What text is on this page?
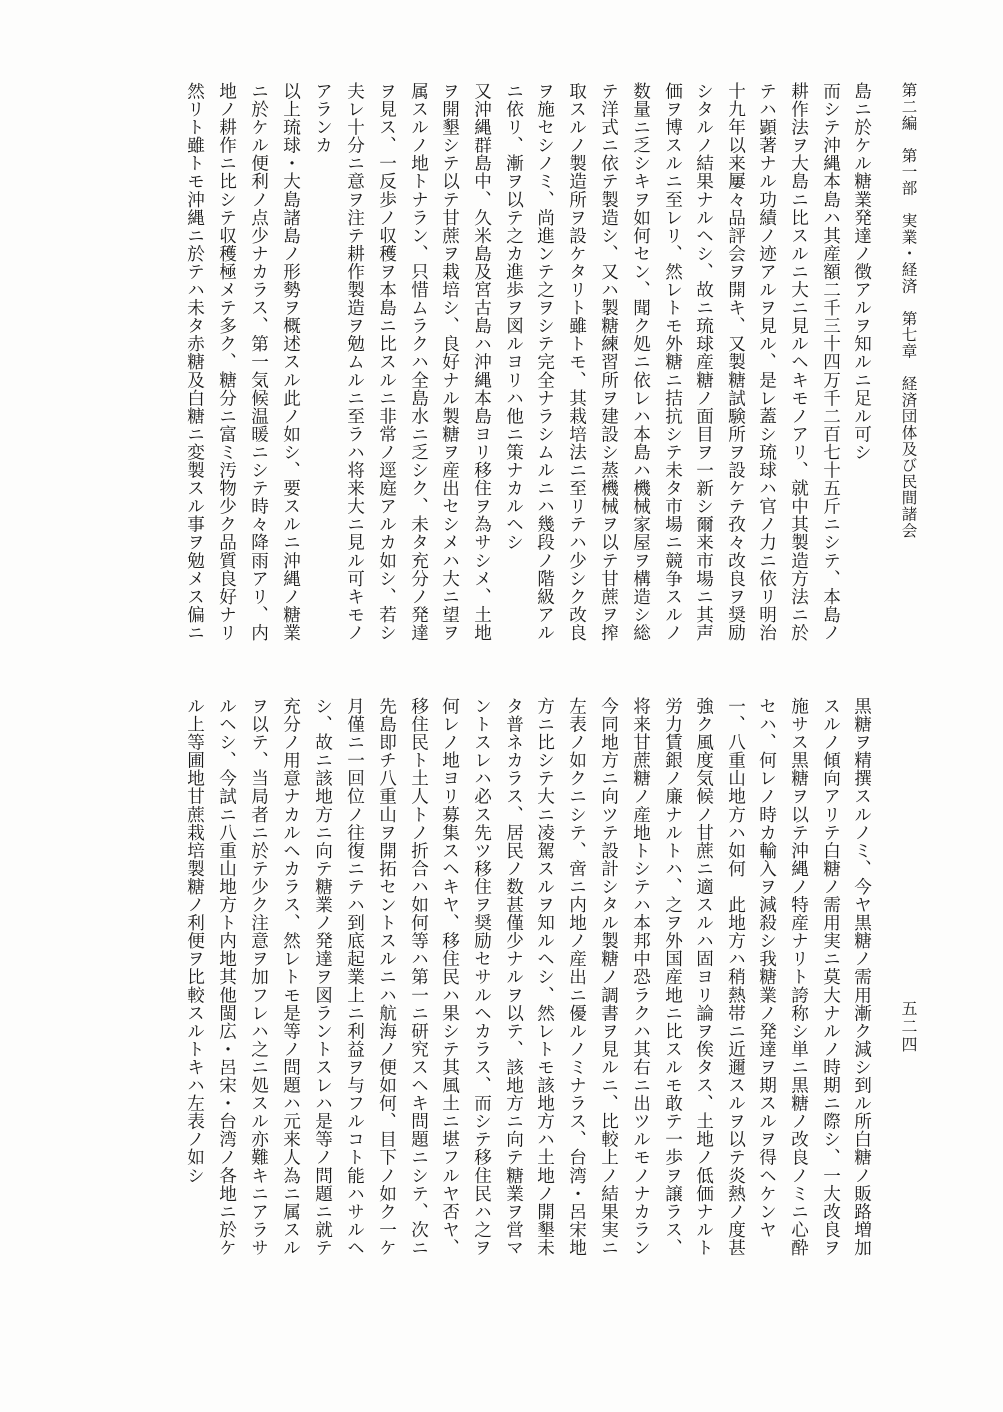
第二編　第一部　実業・経済　第七章　経済団体及び民間諸会
五二四
島ニ於ケル糖業発達ノ徴アルヲ知ルニ足ル可シ
而シテ沖縄本島ハ其産額二千三十四万千二百七十五斤ニシテ、本島ノ
耕作法ヲ大島ニ比スルニ大ニ見ルヘキモノアリ、就中其製造方法ニ於
テハ顕著ナル功績ノ迹アルヲ見ル、是レ蓋シ琉球ハ官ノ力ニ依リ明治
十九年以来屢々品評会ヲ開キ、又製糖試験所ヲ設ケテ孜々改良ヲ奨励
シタルノ結果ナルヘシ、故ニ琉球産糖ノ面目ヲ一新シ爾来市場ニ其声
価ヲ博スルニ至レリ、然レトモ外糖ニ拮抗シテ未タ市場ニ競争スルノ
数量ニ乏シキヲ如何セン、聞ク処ニ依レハ本島ハ機械家屋ヲ構造シ総
テ洋式ニ依テ製造シ、又ハ製糖練習所ヲ建設シ蒸機械ヲ以テ甘蔗ヲ搾
取スルノ製造所ヲ設ケタリト雖トモ、其栽培法ニ至リテハ少シク改良
ヲ施セシノミ、尚進ンテ之ヲシテ完全ナラシムルニハ幾段ノ階級アル
ニ依リ、漸ヲ以テ之カ進歩ヲ図ルヨリハ他ニ策ナカルヘシ
又沖縄群島中、久米島及宮古島ハ沖縄本島ヨリ移住ヲ為サシメ、土地
ヲ開墾シテ以テ甘蔗ヲ栽培シ、良好ナル製糖ヲ産出セシメハ大ニ望ヲ
属スルノ地トナラン、只惜ムラクハ全島水ニ乏シク、未タ充分ノ発達
ヲ見ス、一反歩ノ収穫ヲ本島ニ比スルニ非常ノ逕庭アルカ如シ、若シ
夫レ十分ニ意ヲ注テ耕作製造ヲ勉ムルニ至ラハ将来大ニ見ル可キモノ
アランカ
以上琉球・大島諸島ノ形勢ヲ概述スル此ノ如シ、要スルニ沖縄ノ糖業
ニ於ケル便利ノ点少ナカラス、第一気候温暖ニシテ時々降雨アリ、内
地ノ耕作ニ比シテ収穫極メテ多ク、糖分ニ富ミ汚物少ク品質良好ナリ
然リト雖トモ沖縄ニ於テハ未タ赤糖及白糖ニ変製スル事ヲ勉メス偏ニ
黒糖ヲ精撰スルノミ、今ヤ黒糖ノ需用漸ク減シ到ル所白糖ノ販路増加
スルノ傾向アリテ白糖ノ需用実ニ莫大ナルノ時期ニ際シ、一大改良ヲ
施サス黒糖ヲ以テ沖縄ノ特産ナリト誇称シ単ニ黒糖ノ改良ノミニ心酔
セハ、何レノ時カ輸入ヲ減殺シ我糖業ノ発達ヲ期スルヲ得ヘケンヤ
一、八重山地方ハ如何　此地方ハ稍熱帯ニ近邇スルヲ以テ炎熱ノ度甚
強ク風度気候ノ甘蔗ニ適スルハ固ヨリ論ヲ俟タス、土地ノ低価ナルト
労力賃銀ノ廉ナルトハ、之ヲ外国産地ニ比スルモ敢テ一歩ヲ譲ラス、
将来甘蔗糖ノ産地トシテハ本邦中恐ラクハ其右ニ出ツルモノナカラン
今同地方ニ向ツテ設計シタル製糖ノ調書ヲ見ルニ、比較上ノ結果実ニ
左表ノ如クニシテ、啻ニ内地ノ産出ニ優ルノミナラス、台湾・呂宋地
方ニ比シテ大ニ凌駕スルヲ知ルヘシ、然レトモ該地方ハ土地ノ開墾未
タ普ネカラス、居民ノ数甚僅少ナルヲ以テ、該地方ニ向テ糖業ヲ営マ
ントスレハ必ス先ツ移住ヲ奨励セサルヘカラス、而シテ移住民ハ之ヲ
何レノ地ヨリ募集スヘキヤ、移住民ハ果シテ其風土ニ堪フルヤ否ヤ、
移住民ト土人トノ折合ハ如何等ハ第一ニ研究スヘキ問題ニシテ、次ニ
先島即チ八重山ヲ開拓セントスルニハ航海ノ便如何、目下ノ如ク一ケ
月僅ニ一回位ノ往復ニテハ到底起業上ニ利益ヲ与フルコト能ハサルヘ
シ、故ニ該地方ニ向テ糖業ノ発達ヲ図ラントスレハ是等ノ問題ニ就テ
充分ノ用意ナカルヘカラス、然レトモ是等ノ問題ハ元来人為ニ属スル
ヲ以テ、当局者ニ於テ少ク注意ヲ加フレハ之ニ処スル亦難キニアラサ
ルヘシ、今試ニ八重山地方ト内地其他閩広・呂宋・台湾ノ各地ニ於ケ
ル上等圃地甘蔗栽培製糖ノ利便ヲ比較スルトキハ左表ノ如シ
